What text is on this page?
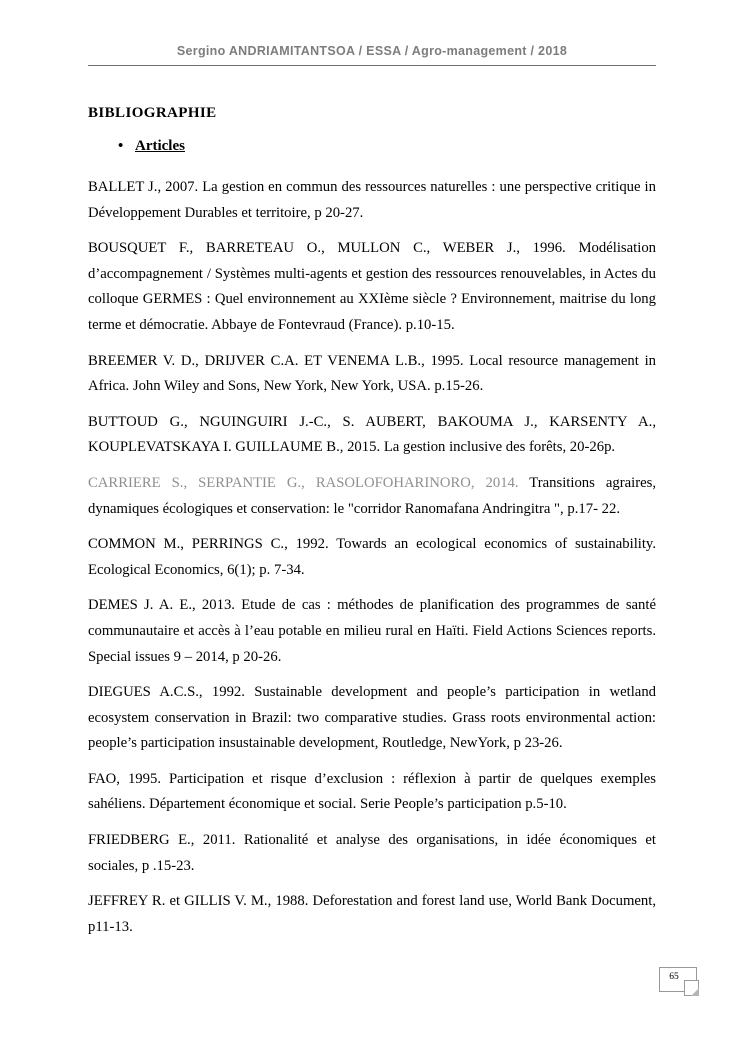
Sergino ANDRIAMITANTSOA / ESSA / Agro-management / 2018
BIBLIOGRAPHIE
• Articles

BALLET J., 2007. La gestion en commun des ressources naturelles : une perspective critique in Développement Durables et territoire, p 20-27.

BOUSQUET F., BARRETEAU O., MULLON C., WEBER J., 1996. Modélisation d’accompagnement / Systèmes multi-agents et gestion des ressources renouvelables, in Actes du colloque GERMES : Quel environnement au XXIème siècle ? Environnement, maitrise du long terme et démocratie. Abbaye de Fontevraud (France). p.10-15.

BREEMER V. D., DRIJVER C.A. ET VENEMA L.B., 1995. Local resource management in Africa. John Wiley and Sons, New York, New York, USA. p.15-26.

BUTTOUD G., NGUINGUIRI J.-C., S. AUBERT, BAKOUMA J., KARSENTY A., KOUPLEVATSKAYA I. GUILLAUME B., 2015. La gestion inclusive des forêts, 20-26p.

CARRIERE S., SERPANTIE G., RASOLOFOHARINORO, 2014. Transitions agraires, dynamiques écologiques et conservation: le "corridor Ranomafana Andringitra ", p.17- 22.

COMMON M., PERRINGS C., 1992. Towards an ecological economics of sustainability. Ecological Economics, 6(1); p. 7-34.

DEMES J. A. E., 2013. Etude de cas : méthodes de planification des programmes de santé communautaire et accès à l’eau potable en milieu rural en Haïti. Field Actions Sciences reports. Special issues 9 – 2014, p 20-26.

DIEGUES A.C.S., 1992. Sustainable development and people’s participation in wetland ecosystem conservation in Brazil: two comparative studies. Grass roots environmental action: people’s participation insustainable development, Routledge, NewYork, p 23-26.

FAO, 1995. Participation et risque d’exclusion : réflexion à partir de quelques exemples sahéliens. Département économique et social. Serie People’s participation p.5-10.

FRIEDBERG E., 2011. Rationalité et analyse des organisations, in idée économiques et sociales, p .15-23.

JEFFREY R. et GILLIS V. M., 1988. Deforestation and forest land use, World Bank Document, p11-13.

65
